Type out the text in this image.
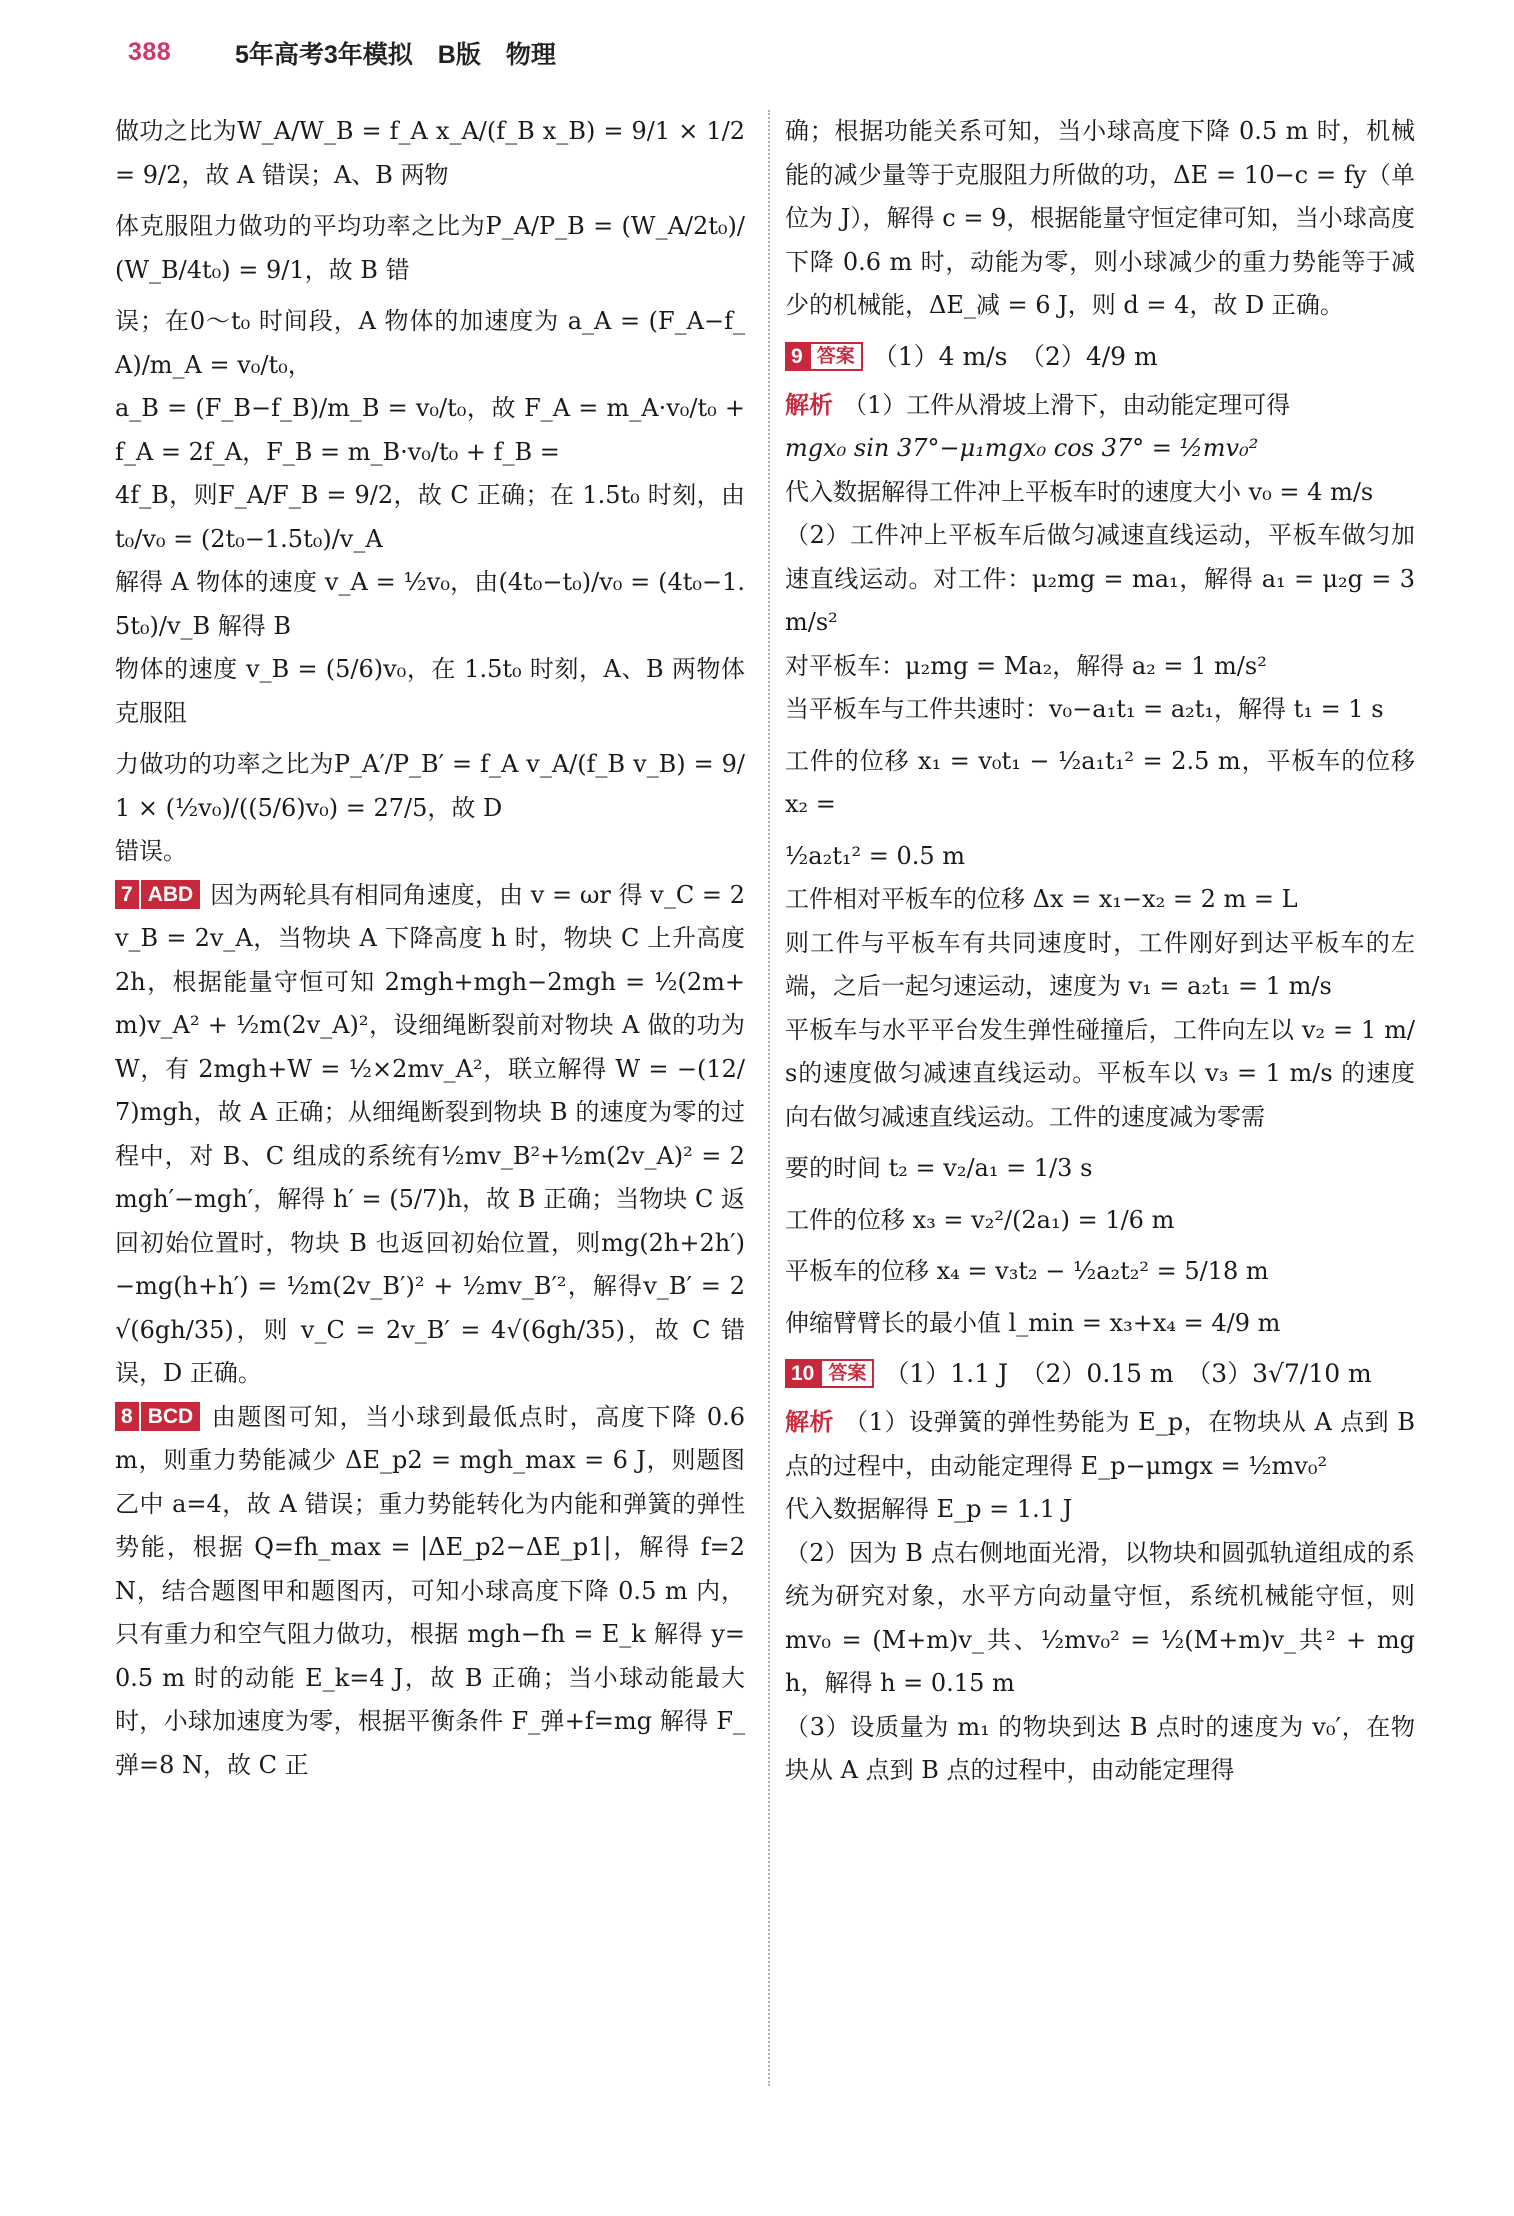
388	5年高考3年模拟　B版　物理

做功之比为W_A/W_B = f_A x_A/(f_B x_B) = 9/1 × 1/2 = 9/2，故 A 错误；A、B 两物

体克服阻力做功的平均功率之比为P_A/P_B = (W_A/2t₀)/(W_B/4t₀) = 9/1，故 B 错

误；在0～t₀ 时间段，A 物体的加速度为 a_A = (F_A−f_A)/m_A = v₀/t₀，

a_B = (F_B−f_B)/m_B = v₀/t₀，故 F_A = m_A·v₀/t₀ + f_A = 2f_A，F_B = m_B·v₀/t₀ + f_B =

4f_B，则F_A/F_B = 9/2，故 C 正确；在 1.5t₀ 时刻，由t₀/v₀ = (2t₀−1.5t₀)/v_A

解得 A 物体的速度 v_A = ½v₀，由(4t₀−t₀)/v₀ = (4t₀−1.5t₀)/v_B 解得 B

物体的速度 v_B = (5/6)v₀，在 1.5t₀ 时刻，A、B 两物体克服阻

力做功的功率之比为P_A′/P_B′ = f_A v_A/(f_B v_B) = 9/1 × (½v₀)/((5/6)v₀) = 27/5，故 D

错误。

7 ABD 因为两轮具有相同角速度，由 v = ωr 得 v_C = 2v_B = 2v_A，当物块 A 下降高度 h 时，物块 C 上升高度 2h，根据能量守恒可知 2mgh+mgh−2mgh = ½(2m+m)v_A² + ½m(2v_A)²，设细绳断裂前对物块 A 做的功为 W，有 2mgh+W = ½×2mv_A²，联立解得 W = −(12/7)mgh，故 A 正确；从细绳断裂到物块 B 的速度为零的过程中，对 B、C 组成的系统有½mv_B²+½m(2v_A)² = 2mgh′−mgh′，解得 h′ = (5/7)h，故 B 正确；当物块 C 返回初始位置时，物块 B 也返回初始位置，则mg(2h+2h′)−mg(h+h′) = ½m(2v_B′)² + ½mv_B′²，解得v_B′ = 2√(6gh/35)，则 v_C = 2v_B′ = 4√(6gh/35)，故 C 错误，D 正确。

8 BCD 由题图可知，当小球到最低点时，高度下降 0.6 m，则重力势能减少 ΔE_p2 = mgh_max = 6 J，则题图乙中 a=4，故 A 错误；重力势能转化为内能和弹簧的弹性势能，根据 Q=fh_max = |ΔE_p2−ΔE_p1|，解得 f=2 N，结合题图甲和题图丙，可知小球高度下降 0.5 m 内，只有重力和空气阻力做功，根据 mgh−fh = E_k 解得 y=0.5 m 时的动能 E_k=4 J，故 B 正确；当小球动能最大时，小球加速度为零，根据平衡条件 F_弹+f=mg 解得 F_弹=8 N，故 C 正

确；根据功能关系可知，当小球高度下降 0.5 m 时，机械能的减少量等于克服阻力所做的功，ΔE = 10−c = fy（单位为 J），解得 c = 9，根据能量守恒定律可知，当小球高度下降 0.6 m 时，动能为零，则小球减少的重力势能等于减少的机械能，ΔE_减 = 6 J，则 d = 4，故 D 正确。

9 答案 （1）4 m/s　（2）4/9 m

解析 （1）工件从滑坡上滑下，由动能定理可得

mgx₀ sin 37°−μ₁mgx₀ cos 37° = ½mv₀²

代入数据解得工件冲上平板车时的速度大小 v₀ = 4 m/s

（2）工件冲上平板车后做匀减速直线运动，平板车做匀加速直线运动。对工件：μ₂mg = ma₁，解得 a₁ = μ₂g = 3 m/s²

对平板车：μ₂mg = Ma₂，解得 a₂ = 1 m/s²

当平板车与工件共速时：v₀−a₁t₁ = a₂t₁，解得 t₁ = 1 s

工件的位移 x₁ = v₀t₁ − ½a₁t₁² = 2.5 m，平板车的位移 x₂ =

½a₂t₁² = 0.5 m

工件相对平板车的位移 Δx = x₁−x₂ = 2 m = L

则工件与平板车有共同速度时，工件刚好到达平板车的左端，之后一起匀速运动，速度为 v₁ = a₂t₁ = 1 m/s

平板车与水平平台发生弹性碰撞后，工件向左以 v₂ = 1 m/s的速度做匀减速直线运动。平板车以 v₃ = 1 m/s 的速度向右做匀减速直线运动。工件的速度减为零需

要的时间 t₂ = v₂/a₁ = 1/3 s

工件的位移 x₃ = v₂²/(2a₁) = 1/6 m

平板车的位移 x₄ = v₃t₂ − ½a₂t₂² = 5/18 m

伸缩臂臂长的最小值 l_min = x₃+x₄ = 4/9 m

10 答案 （1）1.1 J　（2）0.15 m　（3）3√7/10 m

解析 （1）设弹簧的弹性势能为 E_p，在物块从 A 点到 B 点的过程中，由动能定理得 E_p−μmgx = ½mv₀²

代入数据解得 E_p = 1.1 J

（2）因为 B 点右侧地面光滑，以物块和圆弧轨道组成的系统为研究对象，水平方向动量守恒，系统机械能守恒，则 mv₀ = (M+m)v_共、½mv₀² = ½(M+m)v_共² + mgh，解得 h = 0.15 m

（3）设质量为 m₁ 的物块到达 B 点时的速度为 v₀′，在物块从 A 点到 B 点的过程中，由动能定理得
